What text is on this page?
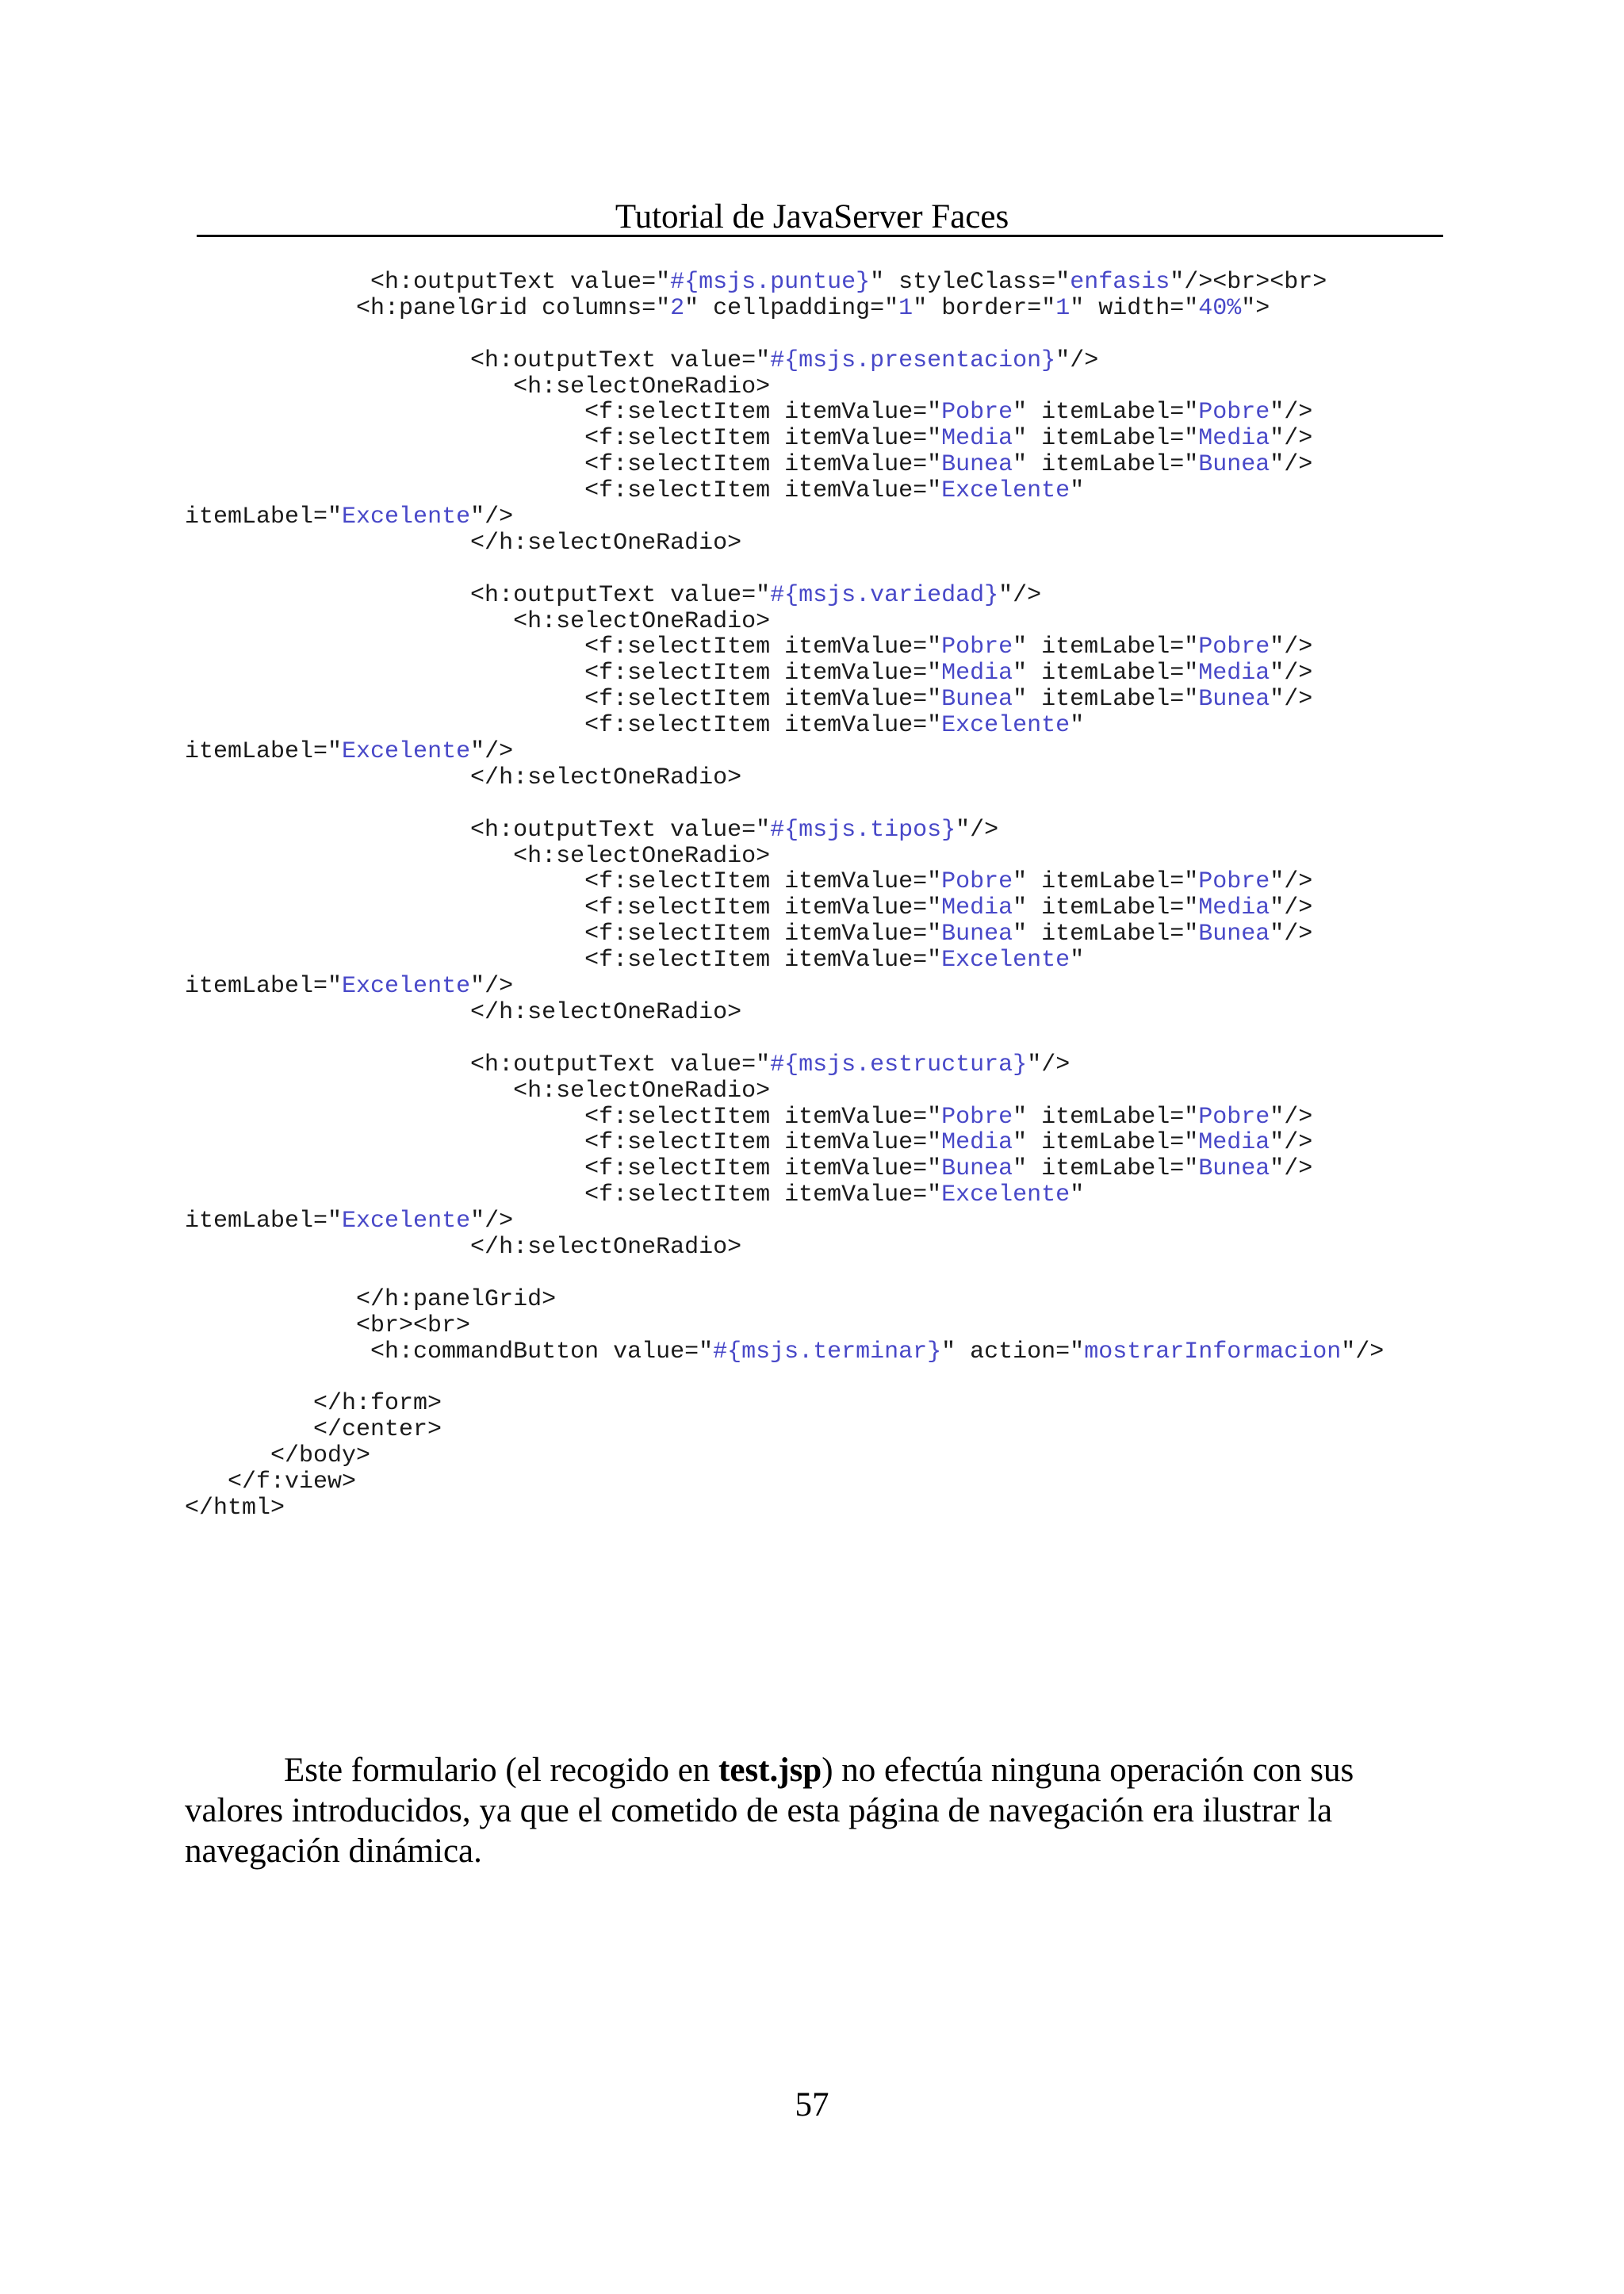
Tutorial de JavaServer Faces
<h:outputText value="#{msjs.puntue}" styleClass="enfasis"/><br><br>
<h:panelGrid columns="2" cellpadding="1" border="1" width="40%">
<h:outputText value="#{msjs.presentacion}"/>
<h:selectOneRadio>
<f:selectItem itemValue="Pobre" itemLabel="Pobre"/>
<f:selectItem itemValue="Media" itemLabel="Media"/>
<f:selectItem itemValue="Bunea" itemLabel="Bunea"/>
<f:selectItem itemValue="Excelente"
itemLabel="Excelente"/>
</h:selectOneRadio>
<h:outputText value="#{msjs.variedad}"/>
<h:selectOneRadio>
<f:selectItem itemValue="Pobre" itemLabel="Pobre"/>
<f:selectItem itemValue="Media" itemLabel="Media"/>
<f:selectItem itemValue="Bunea" itemLabel="Bunea"/>
<f:selectItem itemValue="Excelente"
itemLabel="Excelente"/>
</h:selectOneRadio>
<h:outputText value="#{msjs.tipos}"/>
<h:selectOneRadio>
<f:selectItem itemValue="Pobre" itemLabel="Pobre"/>
<f:selectItem itemValue="Media" itemLabel="Media"/>
<f:selectItem itemValue="Bunea" itemLabel="Bunea"/>
<f:selectItem itemValue="Excelente"
itemLabel="Excelente"/>
</h:selectOneRadio>
<h:outputText value="#{msjs.estructura}"/>
<h:selectOneRadio>
<f:selectItem itemValue="Pobre" itemLabel="Pobre"/>
<f:selectItem itemValue="Media" itemLabel="Media"/>
<f:selectItem itemValue="Bunea" itemLabel="Bunea"/>
<f:selectItem itemValue="Excelente"
itemLabel="Excelente"/>
</h:selectOneRadio>
</h:panelGrid>
<br><br>
<h:commandButton value="#{msjs.terminar}" action="mostrarInformacion"/>
</h:form>
</center>
</body>
</f:view>
</html>

Este formulario (el recogido en test.jsp) no efectúa ninguna operación con sus valores introducidos, ya que el cometido de esta página de navegación era ilustrar la navegación dinámica.

57
